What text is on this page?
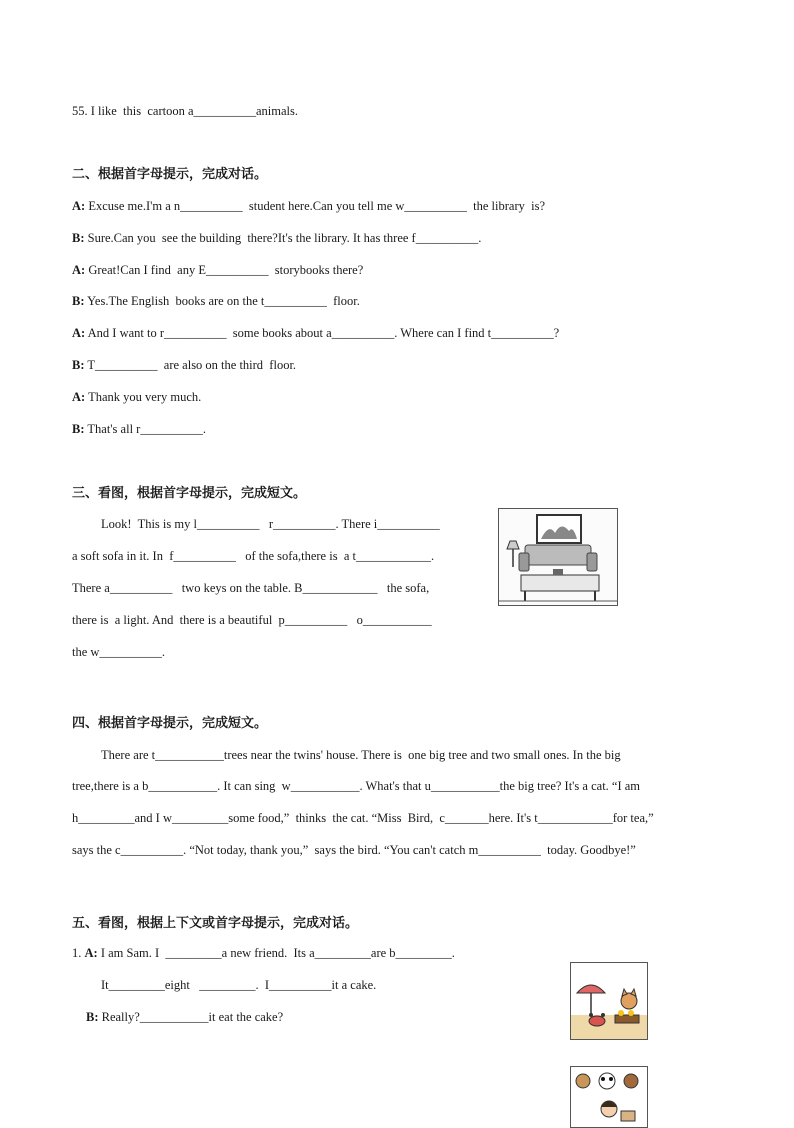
55. I like  this  cartoon a__________animals.
二、根据首字母提示，完成对话。
A: Excuse me.I'm a n__________  student here.Can you tell me w__________  the library  is?
B: Sure.Can you  see the building  there?It's the library. It has three f__________.
A: Great!Can I find  any E__________  storybooks there?
B: Yes.The English  books are on the t__________  floor.
A: And I want to r__________  some books about a__________. Where can I find t__________?
B: T__________  are also on the third  floor.
A: Thank you very much.
B: That's all r__________.
三、看图，根据首字母提示，完成短文。
Look!  This is my l__________   r__________. There i__________
a soft sofa in it. In  f__________   of the sofa,there is  a t____________.
There a__________   two keys on the table. B____________   the sofa,
there is  a light. And  there is a beautiful  p__________   o___________
the w__________.
四、根据首字母提示，完成短文。
There are t___________trees near the twins' house. There is  one big tree and two small ones. In the big
tree,there is a b___________. It can sing  w___________. What's that u___________the big tree? It's a cat. “I am
h_________and I w_________some food,”  thinks  the cat. “Miss  Bird,  c_______here. It's t____________for tea,”
says the c__________. “Not today, thank you,”  says the bird. “You can't catch m__________  today. Goodbye!”
五、看图，根据上下文或首字母提示，完成对话。
1. A: I am Sam. I  _________a new friend.  Its a_________are b_________.
It_________eight   _________.  I__________it a cake.
B: Really?___________it eat the cake?
